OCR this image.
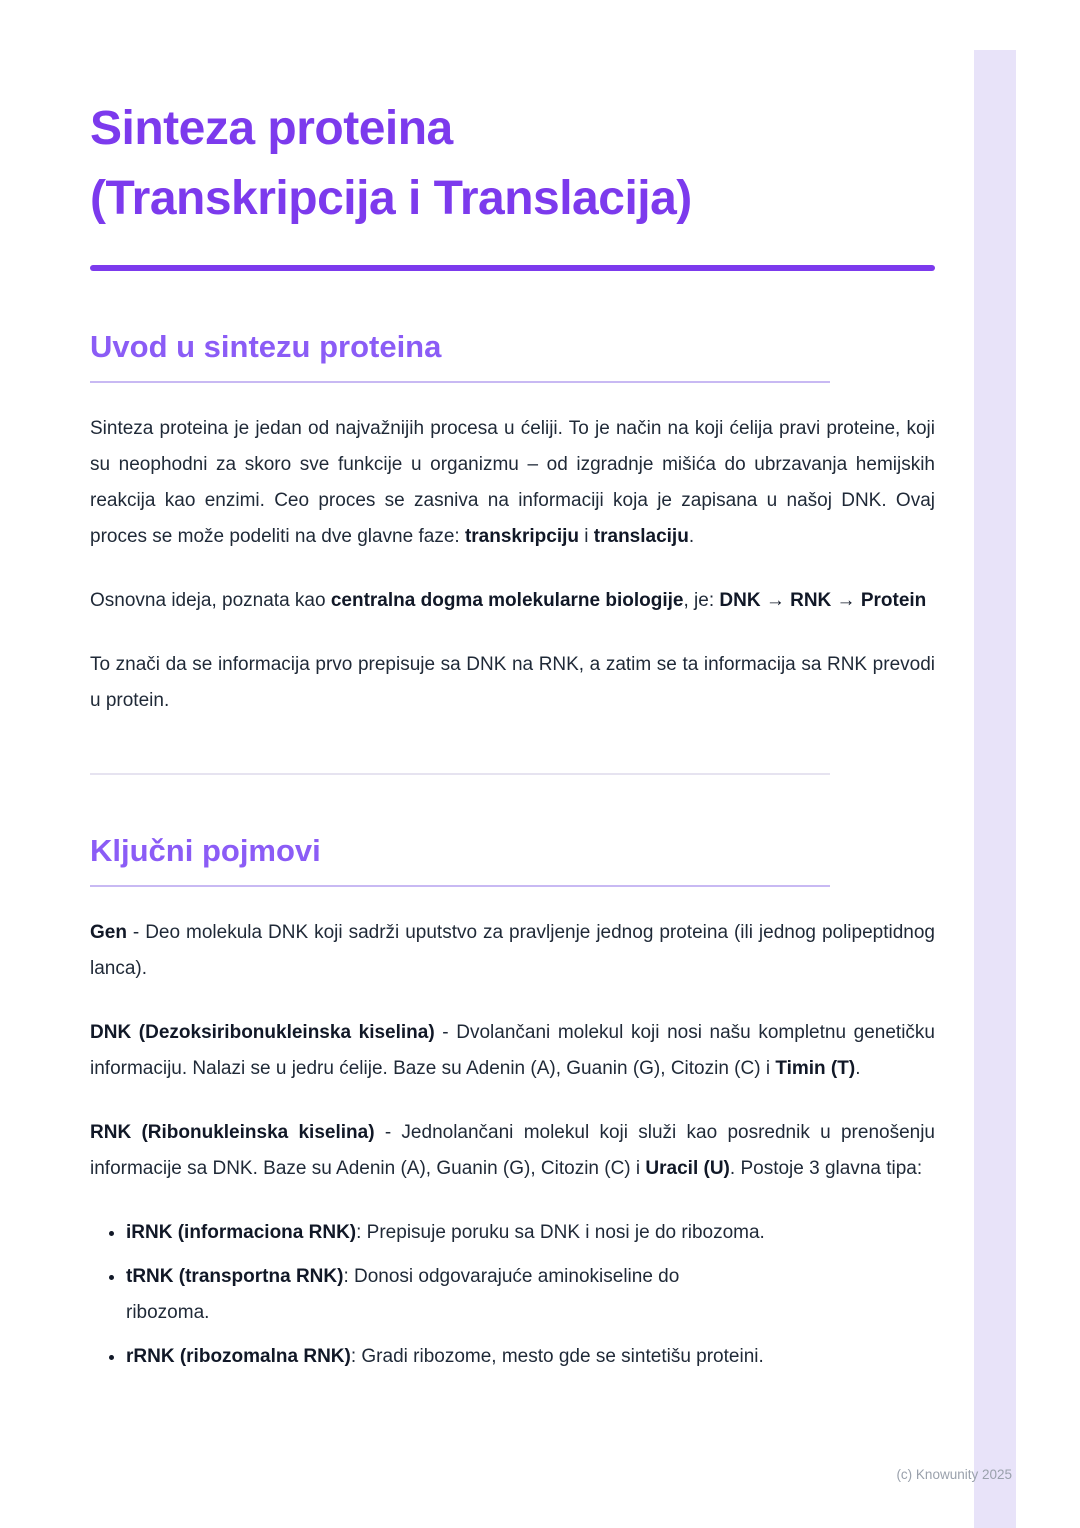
Sinteza proteina
(Transkripcija i Translacija)
Uvod u sintezu proteina

Sinteza proteina je jedan od najvažnijih procesa u ćeliji. To je način na koji ćelija pravi proteine, koji su neophodni za skoro sve funkcije u organizmu – od izgradnje mišića do ubrzavanja hemijskih reakcija kao enzimi. Ceo proces se zasniva na informaciji koja je zapisana u našoj DNK. Ovaj proces se može podeliti na dve glavne faze: transkripciju i translaciju.

Osnovna ideja, poznata kao centralna dogma molekularne biologije, je: DNK → RNK → Protein

To znači da se informacija prvo prepisuje sa DNK na RNK, a zatim se ta informacija sa RNK prevodi u protein.

Ključni pojmovi

Gen - Deo molekula DNK koji sadrži uputstvo za pravljenje jednog proteina (ili jednog polipeptidnog lanca).

DNK (Dezoksiribonukleinska kiselina) - Dvolančani molekul koji nosi našu kompletnu genetičku informaciju. Nalazi se u jedru ćelije. Baze su Adenin (A), Guanin (G), Citozin (C) i Timin (T).

RNK (Ribonukleinska kiselina) - Jednolančani molekul koji služi kao posrednik u prenošenju informacije sa DNK. Baze su Adenin (A), Guanin (G), Citozin (C) i Uracil (U). Postoje 3 glavna tipa:

• iRNK (informaciona RNK): Prepisuje poruku sa DNK i nosi je do ribozoma.
• tRNK (transportna RNK): Donosi odgovarajuće aminokiseline do
ribozoma.
• rRNK (ribozomalna RNK): Gradi ribozome, mesto gde se sintetišu proteini.
(c) Knowunity 2025
